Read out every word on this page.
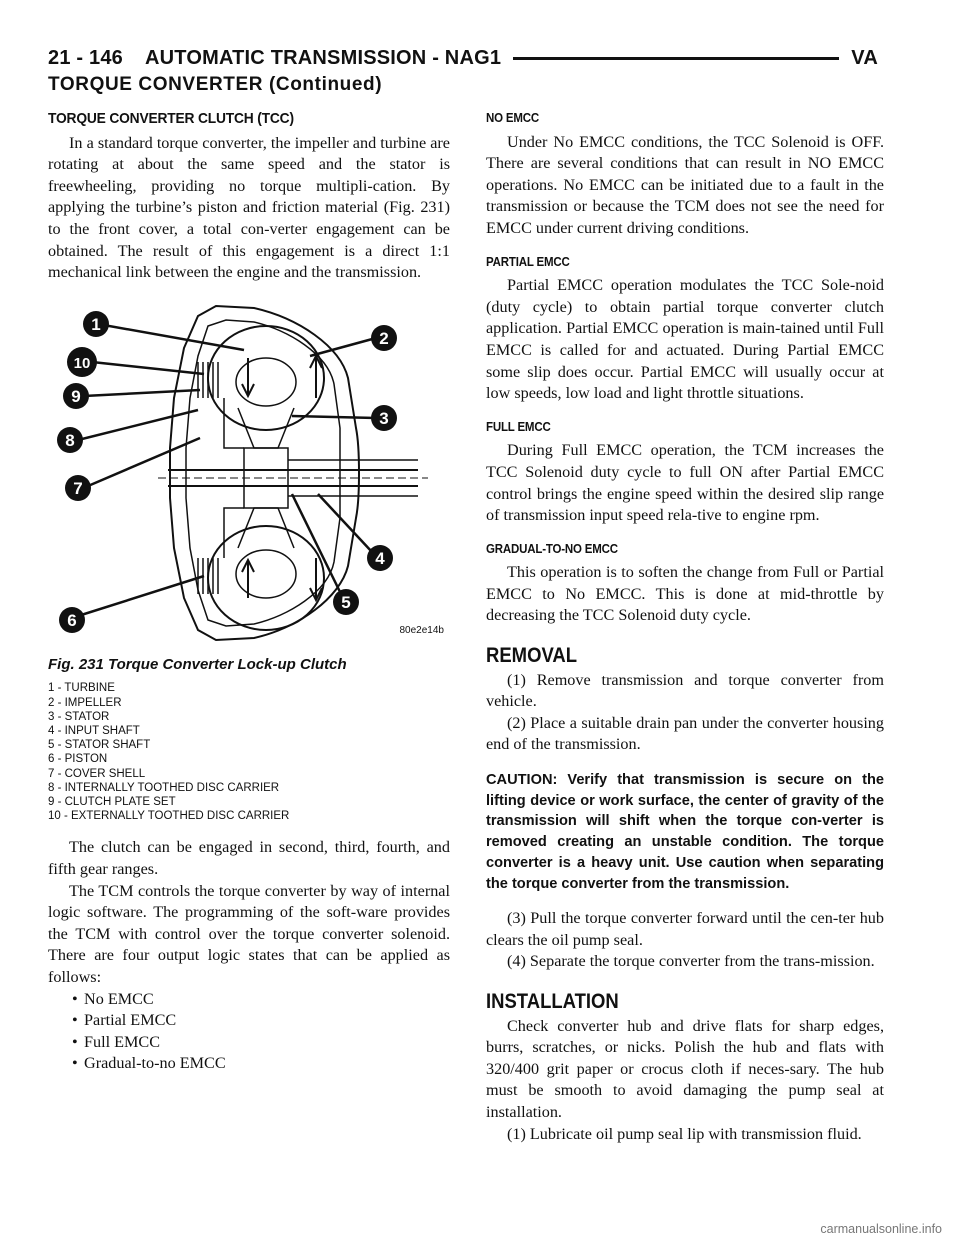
21 - 146 AUTOMATIC TRANSMISSION - NAG1	VA
TORQUE CONVERTER (Continued)
TORQUE CONVERTER CLUTCH (TCC)

In a standard torque converter, the impeller and turbine are rotating at about the same speed and the stator is freewheeling, providing no torque multipli-cation. By applying the turbine’s piston and friction material (Fig. 231) to the front cover, a total con-verter engagement can be obtained. The result of this engagement is a direct 1:1 mechanical link between the engine and the transmission.

1
2
10
9
3
8
7
4
5
6
80e2e14b
Fig. 231 Torque Converter Lock-up Clutch
1 - TURBINE
2 - IMPELLER
3 - STATOR
4 - INPUT SHAFT
5 - STATOR SHAFT
6 - PISTON
7 - COVER SHELL
8 - INTERNALLY TOOTHED DISC CARRIER
9 - CLUTCH PLATE SET
10 - EXTERNALLY TOOTHED DISC CARRIER

The clutch can be engaged in second, third, fourth, and fifth gear ranges.

The TCM controls the torque converter by way of internal logic software. The programming of the soft-ware provides the TCM with control over the torque converter solenoid. There are four output logic states that can be applied as follows:

• No EMCC
• Partial EMCC
• Full EMCC
• Gradual-to-no EMCC
NO EMCC

Under No EMCC conditions, the TCC Solenoid is OFF. There are several conditions that can result in NO EMCC operations. No EMCC can be initiated due to a fault in the transmission or because the TCM does not see the need for EMCC under current driving conditions.

PARTIAL EMCC

Partial EMCC operation modulates the TCC Sole-noid (duty cycle) to obtain partial torque converter clutch application. Partial EMCC operation is main-tained until Full EMCC is called for and actuated. During Partial EMCC some slip does occur. Partial EMCC will usually occur at low speeds, low load and light throttle situations.

FULL EMCC

During Full EMCC operation, the TCM increases the TCC Solenoid duty cycle to full ON after Partial EMCC control brings the engine speed within the desired slip range of transmission input speed rela-tive to engine rpm.

GRADUAL-TO-NO EMCC

This operation is to soften the change from Full or Partial EMCC to No EMCC. This is done at mid-throttle by decreasing the TCC Solenoid duty cycle.

REMOVAL

(1) Remove transmission and torque converter from vehicle.

(2) Place a suitable drain pan under the converter housing end of the transmission.

CAUTION: Verify that transmission is secure on the lifting device or work surface, the center of gravity of the transmission will shift when the torque con-verter is removed creating an unstable condition. The torque converter is a heavy unit. Use caution when separating the torque converter from the transmission.

(3) Pull the torque converter forward until the cen-ter hub clears the oil pump seal.

(4) Separate the torque converter from the trans-mission.

INSTALLATION

Check converter hub and drive flats for sharp edges, burrs, scratches, or nicks. Polish the hub and flats with 320/400 grit paper or crocus cloth if neces-sary. The hub must be smooth to avoid damaging the pump seal at installation.

(1) Lubricate oil pump seal lip with transmission fluid.

carmanualsonline.info
